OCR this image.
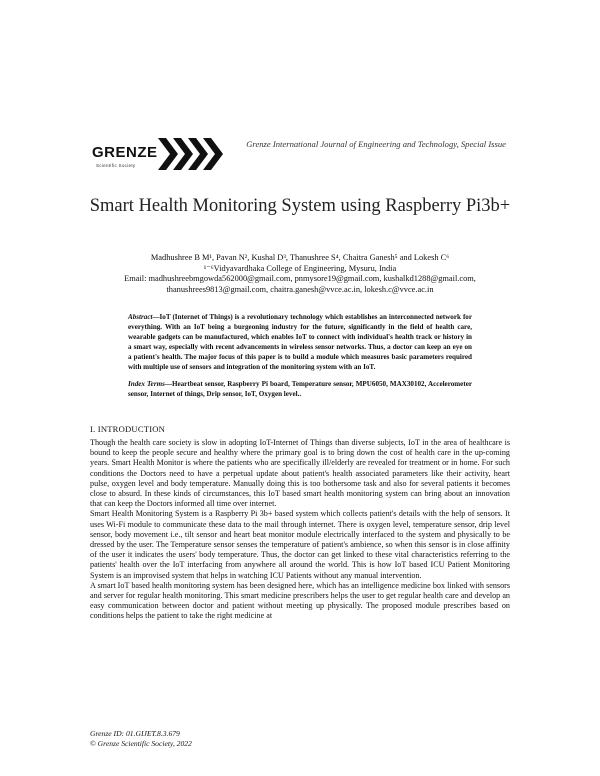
GRENZE
Scientific Society
Grenze International Journal of Engineering and Technology, Special Issue
Smart Health Monitoring System using Raspberry Pi3b+
Madhushree B M¹, Pavan N², Kushal D³, Thanushree S⁴, Chaitra Ganesh⁵ and Lokesh C⁶
¹⁻⁶Vidyavardhaka College of Engineering, Mysuru, India
Email: madhushreebmgowda562000@gmail.com, pnmysore19@gmail.com, kushalkd1288@gmail.com,
thanushrees9813@gmail.com, chaitra.ganesh@vvce.ac.in, lokesh.c@vvce.ac.in
Abstract—IoT (Internet of Things) is a revolutionary technology which establishes an interconnected network for everything. With an IoT being a burgeoning industry for the future, significantly in the field of health care, wearable gadgets can be manufactured, which enables IoT to connect with individual's health track or history in a smart way, especially with recent advancements in wireless sensor networks. Thus, a doctor can keep an eye on a patient's health. The major focus of this paper is to build a module which measures basic parameters required with multiple use of sensors and integration of the monitoring system with an IoT.
Index Terms—Heartbeat sensor, Raspberry Pi board, Temperature sensor, MPU6050, MAX30102, Accelerometer sensor, Internet of things, Drip sensor, IoT, Oxygen level..
I. INTRODUCTION

Though the health care society is slow in adopting IoT-Internet of Things than diverse subjects, IoT in the area of healthcare is bound to keep the people secure and healthy where the primary goal is to bring down the cost of health care in the up-coming years. Smart Health Monitor is where the patients who are specifically ill/elderly are revealed for treatment or in home. For such conditions the Doctors need to have a perpetual update about patient's health associated parameters like their activity, heart pulse, oxygen level and body temperature. Manually doing this is too bothersome task and also for several patients it becomes close to absurd. In these kinds of circumstances, this IoT based smart health monitoring system can bring about an innovation that can keep the Doctors informed all time over internet.

Smart Health Monitoring System is a Raspberry Pi 3b+ based system which collects patient's details with the help of sensors. It uses Wi-Fi module to communicate these data to the mail through internet. There is oxygen level, temperature sensor, drip level sensor, body movement i.e., tilt sensor and heart beat monitor module electrically interfaced to the system and physically to be dressed by the user. The Temperature sensor senses the temperature of patient's ambience, so when this sensor is in close affinity of the user it indicates the users' body temperature. Thus, the doctor can get linked to these vital characteristics referring to the patients' health over the IoT interfacing from anywhere all around the world. This is how IoT based ICU Patient Monitoring System is an improvised system that helps in watching ICU Patients without any manual intervention.

A smart IoT based health monitoring system has been designed here, which has an intelligence medicine box linked with sensors and server for regular health monitoring. This smart medicine prescribers helps the user to get regular health care and develop an easy communication between doctor and patient without meeting up physically. The proposed module prescribes based on conditions helps the patient to take the right medicine at

Grenze ID: 01.GIJET.8.3.679
© Grenze Scientific Society, 2022
